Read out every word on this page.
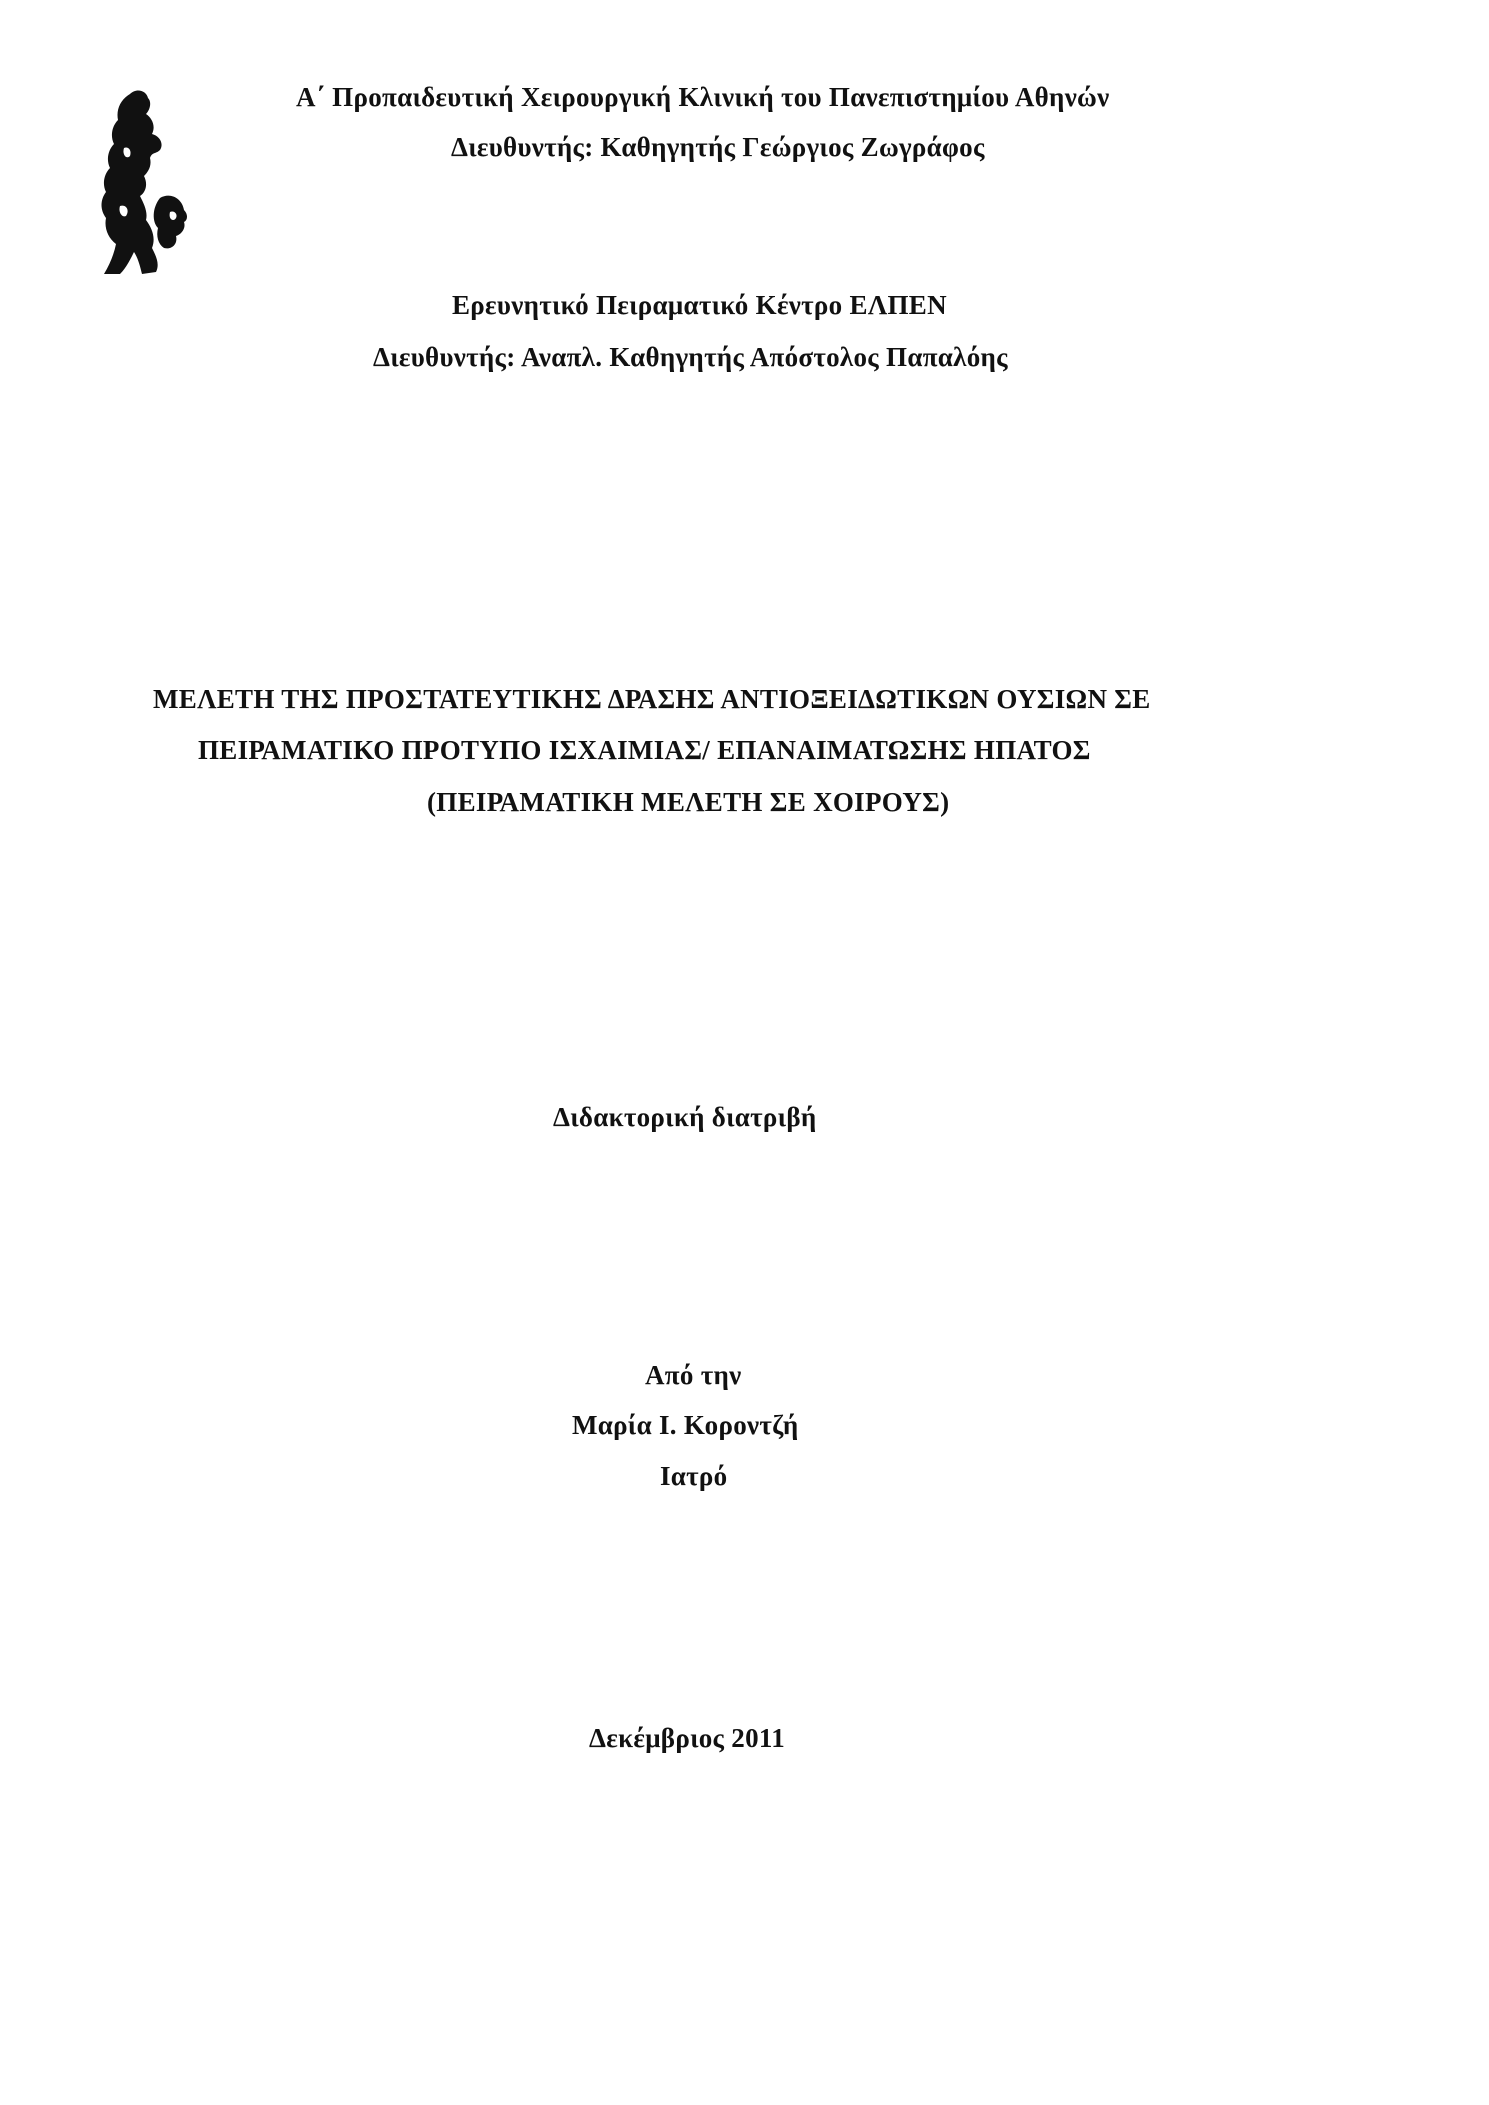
Α΄ Προπαιδευτική Χειρουργική Κλινική του Πανεπιστημίου Αθηνών
Διευθυντής: Καθηγητής Γεώργιος Ζωγράφος
Ερευνητικό Πειραματικό Κέντρο ΕΛΠΕΝ
Διευθυντής: Αναπλ. Καθηγητής Απόστολος Παπαλόης
ΜΕΛΕΤΗ ΤΗΣ ΠΡΟΣΤΑΤΕΥΤΙΚΗΣ ΔΡΑΣΗΣ ΑΝΤΙΟΞΕΙΔΩΤΙΚΩΝ ΟΥΣΙΩΝ ΣΕ
ΠΕΙΡΑΜΑΤΙΚΟ ΠΡΟΤΥΠΟ ΙΣΧΑΙΜΙΑΣ/ ΕΠΑΝΑΙΜΑΤΩΣΗΣ ΗΠΑΤΟΣ
(ΠΕΙΡΑΜΑΤΙΚΗ ΜΕΛΕΤΗ ΣΕ ΧΟΙΡΟΥΣ)
Διδακτορική διατριβή
Από την
Μαρία Ι. Κοροντζή
Ιατρό
Δεκέμβριος 2011
